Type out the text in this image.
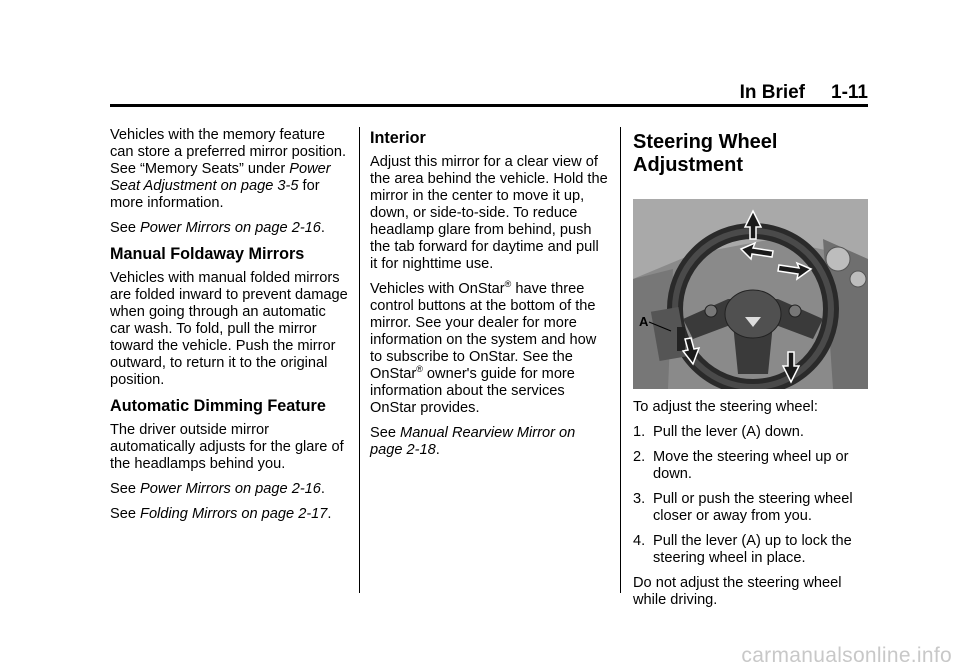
In Brief 1-11

Vehicles with the memory feature can store a preferred mirror position. See “Memory Seats” under Power Seat Adjustment on page 3-5 for more information.

See Power Mirrors on page 2-16.

Manual Foldaway Mirrors

Vehicles with manual folded mirrors are folded inward to prevent damage when going through an automatic car wash. To fold, pull the mirror toward the vehicle. Push the mirror outward, to return it to the original position.

Automatic Dimming Feature

The driver outside mirror automatically adjusts for the glare of the headlamps behind you.

See Power Mirrors on page 2-16.

See Folding Mirrors on page 2-17.

Interior

Adjust this mirror for a clear view of the area behind the vehicle. Hold the mirror in the center to move it up, down, or side-to-side. To reduce headlamp glare from behind, push the tab forward for daytime and pull it for nighttime use.

Vehicles with OnStar® have three control buttons at the bottom of the mirror. See your dealer for more information on the system and how to subscribe to OnStar. See the OnStar® owner's guide for more information about the services OnStar provides.

See Manual Rearview Mirror on page 2-18.

Steering Wheel Adjustment
A

To adjust the steering wheel:

1. Pull the lever (A) down.
2. Move the steering wheel up or down.
3. Pull or push the steering wheel closer or away from you.
4. Pull the lever (A) up to lock the steering wheel in place.

Do not adjust the steering wheel while driving.

carmanualsonline.info
